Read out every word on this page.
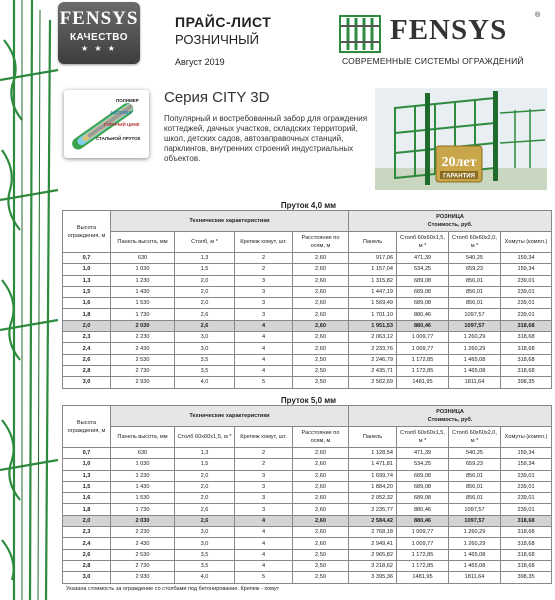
FENSYS
КАЧЕСТВО
★ ★ ★
ПРАЙС-ЛИСТ
РОЗНИЧНЫЙ
Август 2019
FENSYS	®
СОВРЕМЕННЫЕ СИСТЕМЫ ОГРАЖДЕНИЙ
ПОЛИМЕР
АДГЕЗИЯ
ГОРЯЧИЙ ЦИНК
СТАЛЬНОЙ ПРУТОК
Серия CITY 3D
Популярный и востребованный забор для ограждения коттеджей, дачных участков, складских территорий, школ, детских садов, автозаправочных станций, парклингов, внутренних строений индустриальных объектов.	20лет
ГАРАНТИЯ
Пруток 4,0 мм
Высота ограждения, м	Технические характеристики				РОЗНИЦА
Стоимость, руб.			
	Панель высота, мм	Столб, м *	Крепеж хомут, шт.	Расстояние по осям, м	Панель	Столб 60х60х1,5, м *	Столб 60х60х2,0, м *	Хомуты (компл.)
0,7	630	1,3	2	2,60	917,06	471,39	540,25	159,34
1,0	1 030	1,5	2	2,60	1 157,04	534,25	659,23	159,34
1,3	1 230	2,0	3	2,60	1 315,82	689,08	856,01	239,01
1,5	1 430	2,0	3	2,60	1 447,19	689,08	856,01	239,01
1,6	1 530	2,0	3	2,60	1 569,49	689,08	856,01	239,01
1,8	1 730	2,6	3	2,60	1 701,10	880,46	1097,57	239,01
2,0	2 030	2,6	4	2,60	1 951,53	880,46	1097,57	318,68
2,3	2 230	3,0	4	2,60	2 063,12	1 009,77	1 260,29	318,68
2,4	2 430	3,0	4	2,60	2 233,76	1 009,77	1 260,29	318,68
2,6	2 530	3,5	4	2,50	2 246,79	1 172,85	1 465,08	318,68
2,8	2 730	3,5	4	2,50	2 435,71	1 172,85	1 465,08	318,68
3,0	2 930	4,0	5	2,50	2 562,69	1481,95	1811,64	398,35
Пруток 5,0 мм
Высота ограждения, м	Технические характеристики				РОЗНИЦА
Стоимость, руб.			
	Панель высота, мм	Столб 60х60х1,5, м *	Крепеж хомут, шт.	Расстояние по осям, м	Панель	Столб 60х60х1,5, м *	Столб 60х60х2,0, м *	Хомуты (компл.)
0,7	630	1,3	2	2,60	1 128,54	471,39	540,25	159,34
1,0	1 030	1,5	2	2,60	1 471,81	534,25	659,23	159,34
1,3	1 230	2,0	3	2,60	1 699,74	689,08	856,01	239,01
1,5	1 430	2,0	3	2,60	1 884,20	689,08	856,01	239,01
1,6	1 530	2,0	3	2,60	2 052,32	689,08	856,01	239,01
1,8	1 730	2,6	3	2,60	2 235,77	880,46	1097,57	239,01
2,0	2 030	2,6	4	2,60	2 584,42	880,46	1097,57	318,68
2,3	2 230	3,0	4	2,60	2 768,18	1 009,77	1 260,29	318,68
2,4	2 430	3,0	4	2,60	2 949,41	1 009,77	1 260,29	318,68
2,6	2 530	3,5	4	2,50	2 965,82	1 172,85	1 465,08	318,68
2,8	2 730	3,5	4	2,50	3 218,62	1 172,85	1 465,08	318,68
3,0	2 930	4,0	5	2,50	3 395,36	1481,95	1811,64	398,35
Указана стоимость за ограждение со столбами под бетонирование. Крепеж - хомут
